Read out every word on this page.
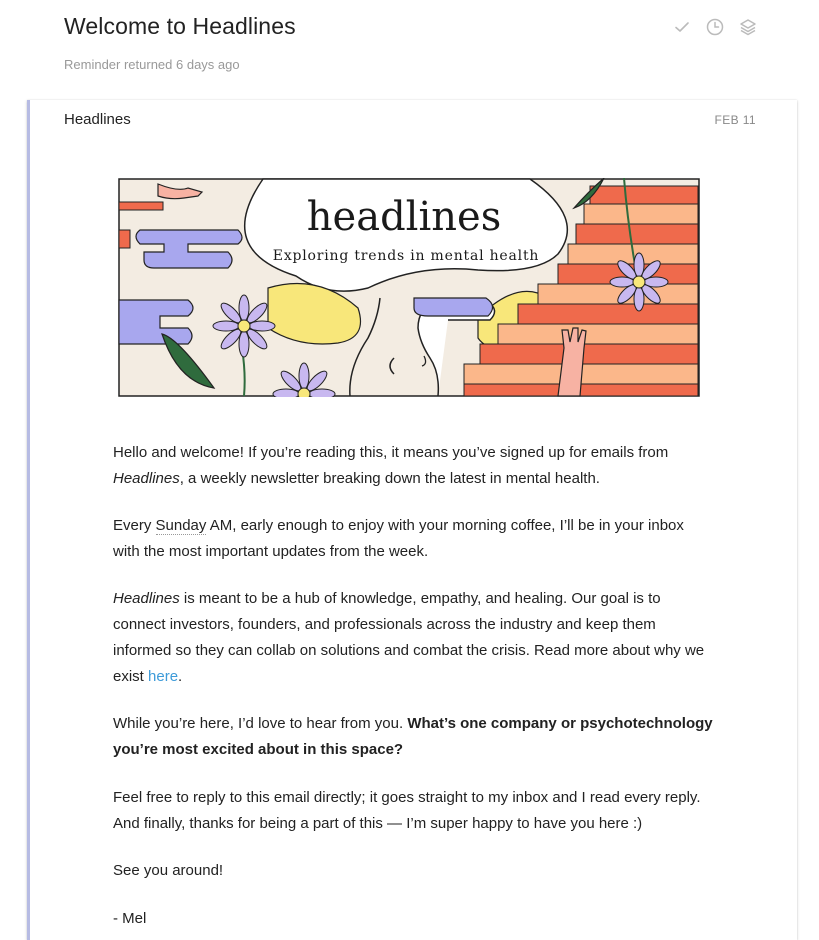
Welcome to Headlines
Reminder returned 6 days ago
Headlines	FEB 11
headlines
Exploring trends in mental health

Hello and welcome! If you’re reading this, it means you’ve signed up for emails from Headlines, a weekly newsletter breaking down the latest in mental health.

Every Sunday AM, early enough to enjoy with your morning coffee, I’ll be in your inbox with the most important updates from the week.

Headlines is meant to be a hub of knowledge, empathy, and healing. Our goal is to connect investors, founders, and professionals across the industry and keep them informed so they can collab on solutions and combat the crisis. Read more about why we exist here.

While you’re here, I’d love to hear from you. What’s one company or psychotechnology you’re most excited about in this space?

Feel free to reply to this email directly; it goes straight to my inbox and I read every reply. And finally, thanks for being a part of this — I’m super happy to have you here :)

See you around!

- Mel
